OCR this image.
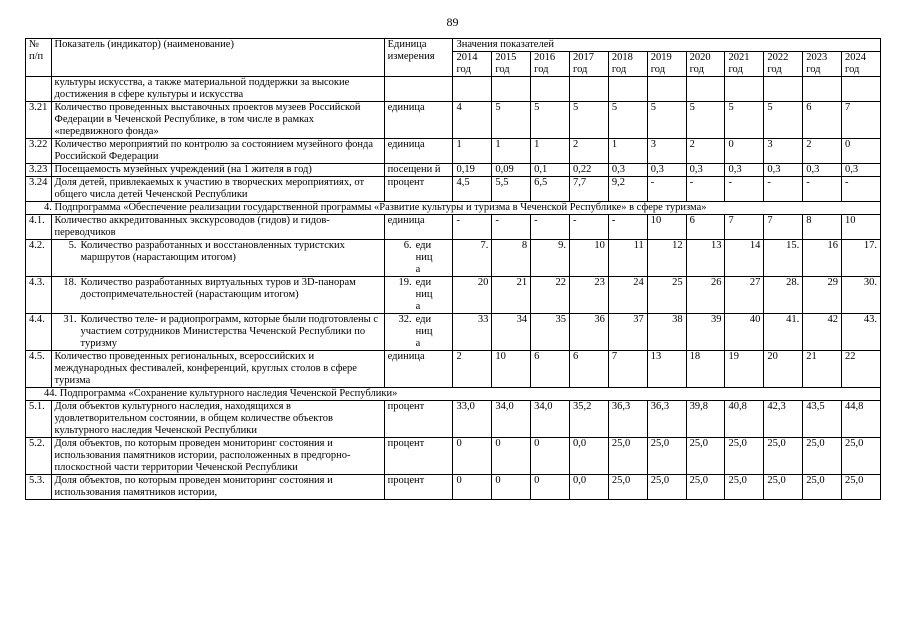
89
№ п/п	Показатель (индикатор) (наименование)	Единица измерения	Значения показателей										
			2014 год	2015 год	2016 год	2017 год	2018 год	2019 год	2020 год	2021 год	2022 год	2023 год	2024 год
	культуры искусства, а также материальной поддержки за высокие достижения в сфере культуры и искусства												
3.21	Количество проведенных выставочных проектов музеев Российской Федерации в Чеченской Республике, в том числе в рамках «передвижного фонда»	единица	4	5	5	5	5	5	5	5	5	6	7
3.22	Количество мероприятий по контролю за состоянием музейного фонда Российской Федерации	единица	1	1	1	2	1	3	2	0	3	2	0
3.23	Посещаемость музейных учреждений (на 1 жителя в год)	посещени й	0,19	0,09	0,1	0,22	0,3	0,3	0,3	0,3	0,3	0,3	0,3
3.24	Доля детей, привлекаемых к участию в творческих мероприятиях, от общего числа детей Чеченской Республики	процент	4,5	5,5	6,5	7,7	9,2	-	-	-	-	-	-
4. Подпрограмма «Обеспечение реализации государственной программы «Развитие культуры и туризма в Чеченской Республике» в сфере туризма»													
4.1.	Количество аккредитованных экскурсоводов (гидов) и гидов-переводчиков	единица	-	-	-	-	-	10	6	7	7	8	10
4.2.	5. Количество разработанных и восстановленных туристских маршрутов (нарастающим итогом)	6. еди ниц а	7.	8	9.	10	11	12	13	14	15.	16	17.
4.3.	18. Количество разработанных виртуальных туров и 3D-панорам достопримечательностей (нарастающим итогом)	19. еди ниц а	20	21	22	23	24	25	26	27	28.	29	30.
4.4.	31. Количество теле- и радиопрограмм, которые были подготовлены с участием сотрудников Министерства Чеченской Республики по туризму	32. еди ниц а	33	34	35	36	37	38	39	40	41.	42	43.
4.5.	Количество проведенных региональных, всероссийских и международных фестивалей, конференций, круглых столов в сфере туризма	единица	2	10	6	6	7	13	18	19	20	21	22
44. Подпрограмма «Сохранение культурного наследия Чеченской Республики»													
5.1.	Доля объектов культурного наследия, находящихся в удовлетворительном состоянии, в общем количестве объектов культурного наследия Чеченской Республики	процент	33,0	34,0	34,0	35,2	36,3	36,3	39,8	40,8	42,3	43,5	44,8
5.2.	Доля объектов, по которым проведен мониторинг состояния и использования памятников истории, расположенных в предгорно-плоскостной части территории Чеченской Республики	процент	0	0	0	0,0	25,0	25,0	25,0	25,0	25,0	25,0	25,0
5.3.	Доля объектов, по которым проведен мониторинг состояния и использования памятников истории,	процент	0	0	0	0,0	25,0	25,0	25,0	25,0	25,0	25,0	25,0
